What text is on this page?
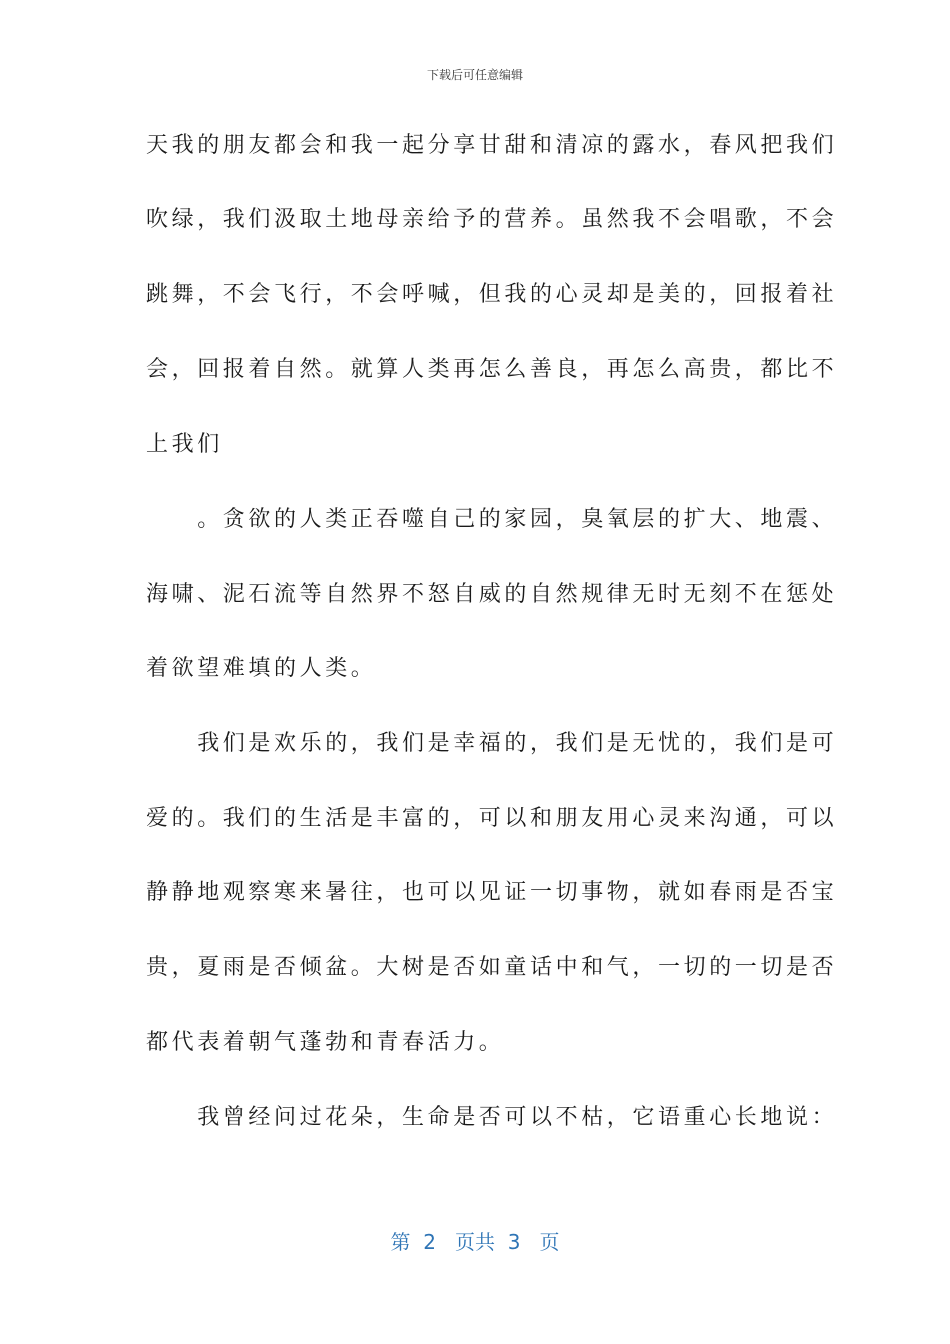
下载后可任意编辑
天我的朋友都会和我一起分享甘甜和清凉的露水，春风把我们
吹绿，我们汲取土地母亲给予的营养。虽然我不会唱歌，不会
跳舞，不会飞行，不会呼喊，但我的心灵却是美的，回报着社
会，回报着自然。就算人类再怎么善良，再怎么高贵，都比不
上我们
　　。贪欲的人类正吞噬自己的家园，臭氧层的扩大、地震、
海啸、泥石流等自然界不怒自威的自然规律无时无刻不在惩处
着欲望难填的人类。
　　我们是欢乐的，我们是幸福的，我们是无忧的，我们是可
爱的。我们的生活是丰富的，可以和朋友用心灵来沟通，可以
静静地观察寒来暑往，也可以见证一切事物，就如春雨是否宝
贵，夏雨是否倾盆。大树是否如童话中和气，一切的一切是否
都代表着朝气蓬勃和青春活力。
　　我曾经问过花朵，生命是否可以不枯，它语重心长地说：
第  2   页共  3   页
